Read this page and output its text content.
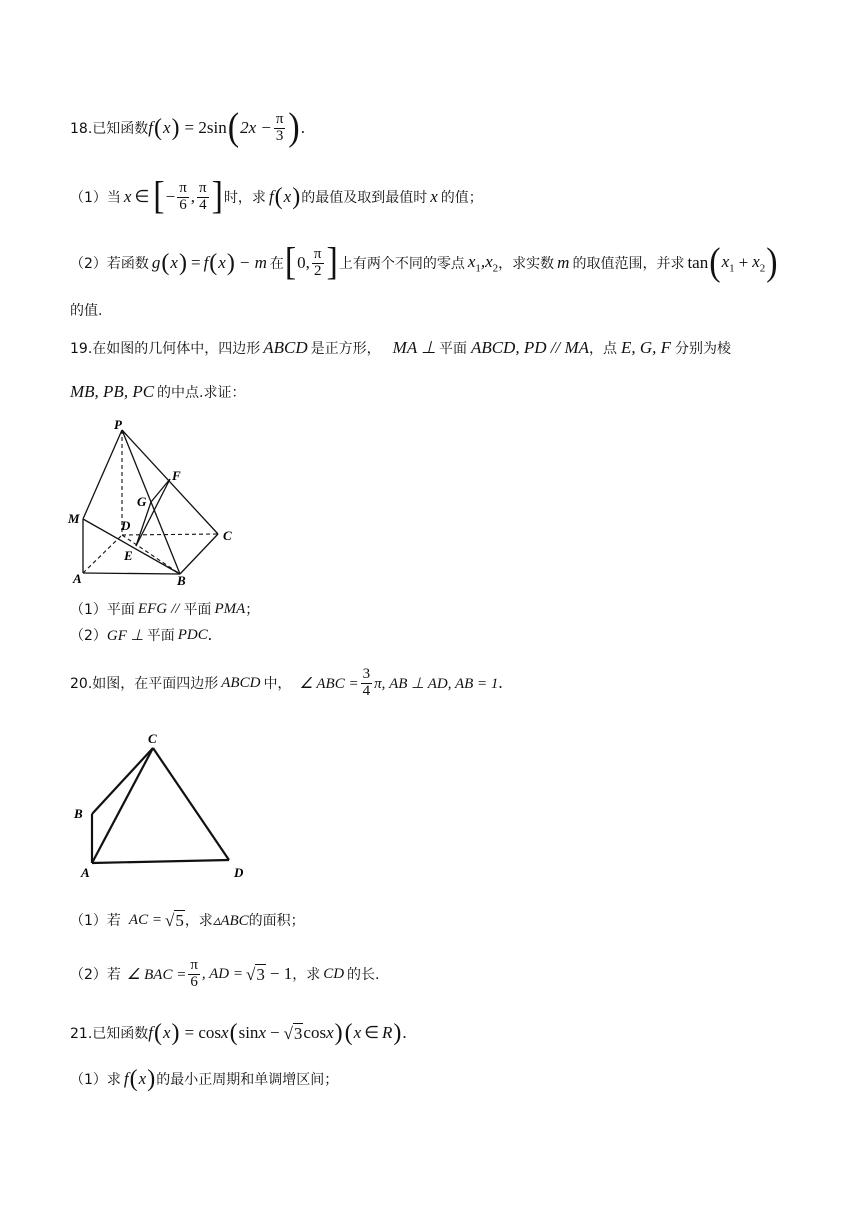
18.已知函数 f ( x ) = 2sin ( $2x - \frac{\pi}{3}$ ) .
（1）当 x ∈ [ − $\frac{\pi}{6}$ , $\frac{\pi}{4}$ ] 时，求 f ( x ) 的最值及取到最值时 x 的值；
（2）若函数 g ( x ) = f ( x ) − m 在 [ 0, $\frac{\pi}{2}$ ] 上有两个不同的零点 $x_1,x_2$ ，求实数 m 的取值范围，并求 tan ( $x_1 + x_2$ )
的值.
19.在如图的几何体中，四边形 ABCD 是正方形， MA ⊥ 平面 ABCD, PD // MA ，点 E, G, F 分别为棱
MB, PB, PC 的中点.求证：
P
F
G
M	D
C
E
A	B
（1）平面 EFG // 平面 PMA ；
（2） GF ⊥ 平面 PDC .
20.如图，在平面四边形 ABCD 中， ∠ ABC = $\frac{3}{4} \pi$, AB ⊥ AD, AB = 1 .
C
B
A	D
（1）若 AC = √ 5 ，求 ▵ABC 的面积；
（2）若 ∠ BAC = $\frac{\pi}{6}$ , AD = √ 3 − 1 ，求 CD 的长.
21.已知函数 f ( x ) = cos x ( sin x − √ 3 cos x ) ( x ∈ R ) .
（1）求 f ( x ) 的最小正周期和单调增区间；
